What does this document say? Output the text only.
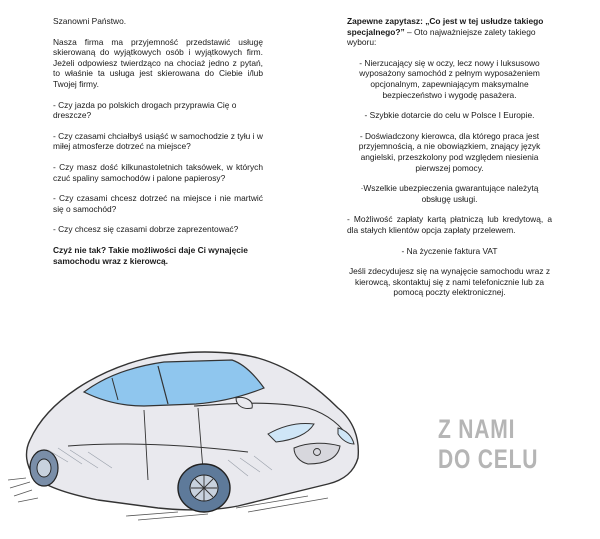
Szanowni Państwo.

Nasza firma ma przyjemność przedstawić usługę skierowaną do wyjątkowych osób i wyjątkowych firm. Jeżeli odpowiesz twierdząco na chociaż jedno z pytań, to właśnie ta usługa jest skierowana do Ciebie i/lub Twojej firmy.

- Czy jazda po polskich drogach przyprawia Cię o dreszcze?

- Czy czasami chciałbyś usiąść w samochodzie z tyłu i w miłej atmosferze dotrzeć na miejsce?

- Czy masz dość kilkunastoletnich taksówek, w których czuć spaliny samochodów i palone papierosy?

- Czy czasami chcesz dotrzeć na miejsce i nie martwić się o samochód?

- Czy chcesz się czasami dobrze zaprezentować?

Czyż nie tak? Takie możliwości daje Ci wynajęcie samochodu wraz z kierowcą.

Zapewne zapytasz: „Co jest w tej usłudze takiego specjalnego?” – Oto najważniejsze zalety takiego wyboru:

- Nierzucający się w oczy, lecz nowy i luksusowo wyposażony samochód z pełnym wyposażeniem opcjonalnym, zapewniającym maksymalne bezpieczeństwo i wygodę pasażera.

- Szybkie dotarcie do celu w Polsce I Europie.

- Doświadczony kierowca, dla którego praca jest przyjemnością, a nie obowiązkiem, znający język angielski, przeszkolony pod względem niesienia pierwszej pomocy.

·Wszelkie ubezpieczenia gwarantujące należytą obsługę usługi.

- Możliwość zapłaty kartą płatniczą lub kredytową, a dla stałych klientów opcja zapłaty przelewem.

- Na życzenie faktura VAT

Jeśli zdecydujesz się na wynajęcie samochodu wraz z kierowcą, skontaktuj się z nami telefonicznie lub za pomocą poczty elektronicznej.

Z NAMI
DO CELU
